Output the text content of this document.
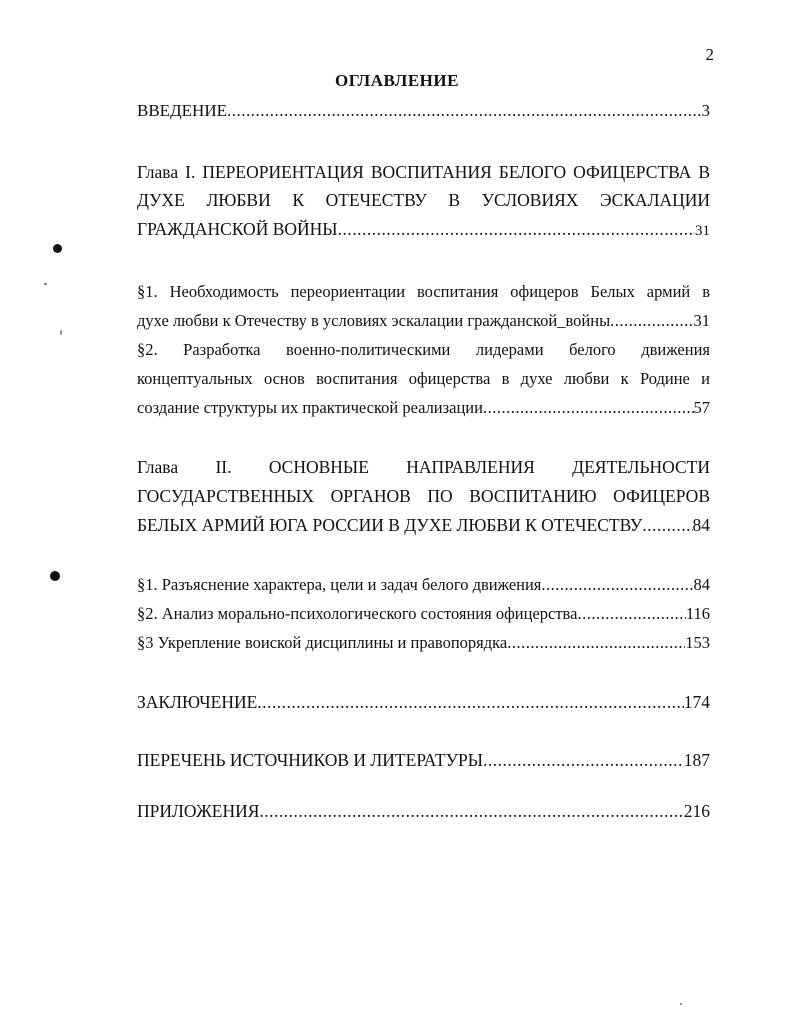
2
ОГЛАВЛЕНИЕ
ВВЕДЕНИЕ .....	3
Глава I. ПЕРЕОРИЕНТАЦИЯ ВОСПИТАНИЯ БЕЛОГО ОФИЦЕРСТВА В
ДУХЕ ЛЮБВИ К ОТЕЧЕСТВУ В УСЛОВИЯХ ЭСКАЛАЦИИ
ГРАЖДАНСКОЙ ВОЙНЫ .....	31
§1. Необходимость переориентации воспитания офицеров Белых армий в
духе любви к Отечеству в условиях эскалации гражданской_войны .....	31
§2. Разработка военно-политическими лидерами белого движения
концептуальных основ воспитания офицерства в духе любви к Родине и
создание структуры их практической реализации .....	57
Глава II. ОСНОВНЫЕ НАПРАВЛЕНИЯ ДЕЯТЕЛЬНОСТИ
ГОСУДАРСТВЕННЫХ ОРГАНОВ ПО ВОСПИТАНИЮ ОФИЦЕРОВ
БЕЛЫХ АРМИЙ ЮГА РОССИИ В ДУХЕ ЛЮБВИ К ОТЕЧЕСТВУ .....	84
§1. Разъяснение характера, цели и задач белого движения .....	84
§2. Анализ морально-психологического состояния офицерства .....	116
§3 Укрепление воиской дисциплины и правопорядка .....	153
ЗАКЛЮЧЕНИЕ .....	174
ПЕРЕЧЕНЬ ИСТОЧНИКОВ И ЛИТЕРАТУРЫ .....	187
ПРИЛОЖЕНИЯ .....	216
